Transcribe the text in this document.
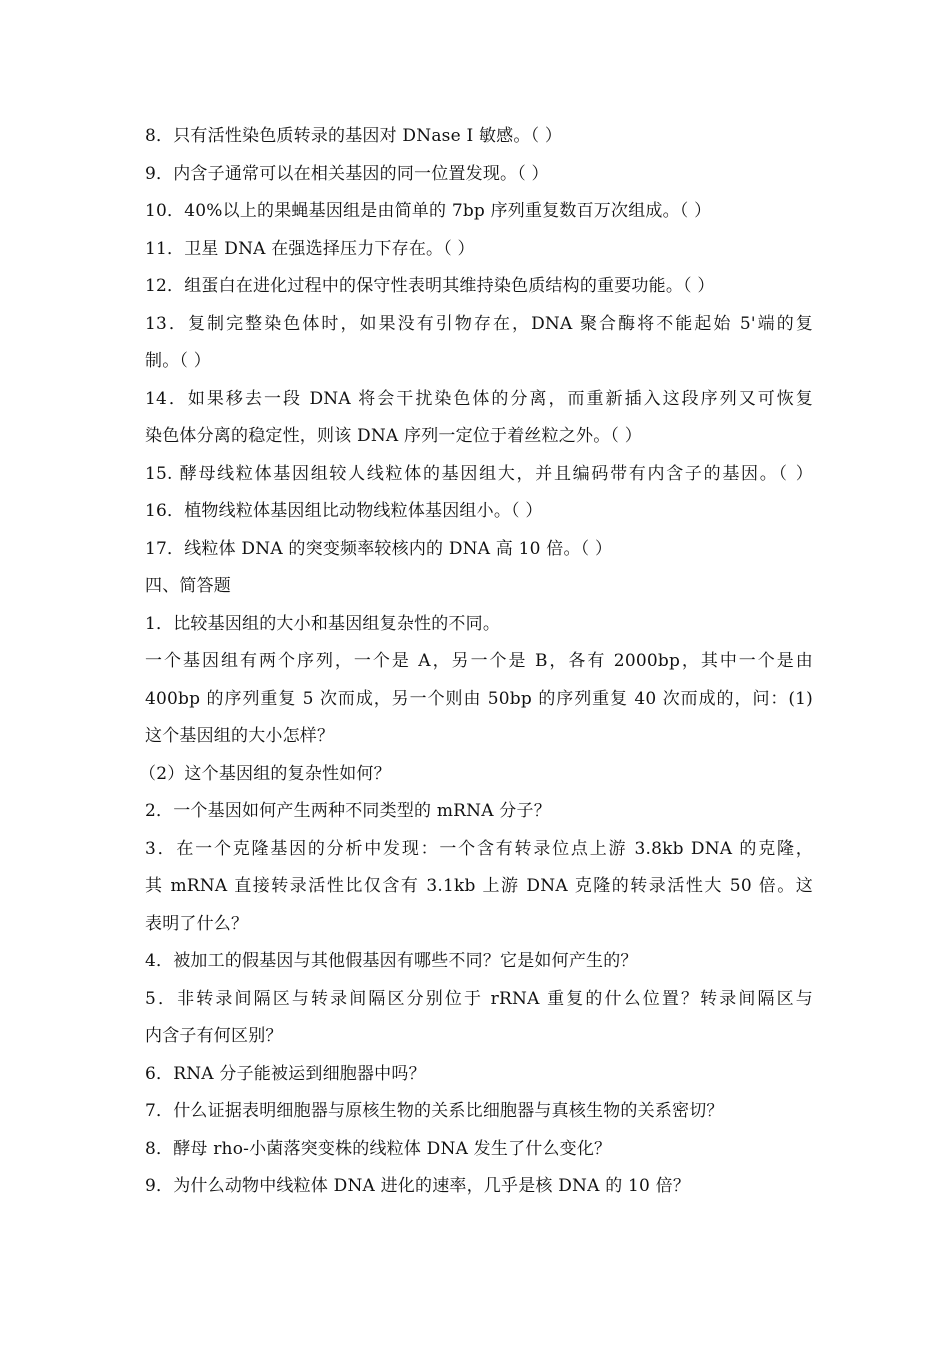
8．只有活性染色质转录的基因对 DNase I 敏感。（ ）
9．内含子通常可以在相关基因的同一位置发现。（ ）
10．40%以上的果蝇基因组是由简单的 7bp 序列重复数百万次组成。（ ）
11．卫星 DNA 在强选择压力下存在。（ ）
12．组蛋白在进化过程中的保守性表明其维持染色质结构的重要功能。（ ）
13．复制完整染色体时，如果没有引物存在，DNA 聚合酶将不能起始 5'端的复
制。（ ）
14．如果移去一段 DNA 将会干扰染色体的分离，而重新插入这段序列又可恢复
染色体分离的稳定性，则该 DNA 序列一定位于着丝粒之外。（ ）
15. 酵母线粒体基因组较人线粒体的基因组大，并且编码带有内含子的基因。（ ）
16．植物线粒体基因组比动物线粒体基因组小。（ ）
17．线粒体 DNA 的突变频率较核内的 DNA 高 10 倍。（ ）
四、简答题
1．比较基因组的大小和基因组复杂性的不同。
一个基因组有两个序列，一个是 A，另一个是 B，各有 2000bp，其中一个是由
400bp 的序列重复 5 次而成，另一个则由 50bp 的序列重复 40 次而成的，问：(1)
这个基因组的大小怎样？
（2）这个基因组的复杂性如何？
2．一个基因如何产生两种不同类型的 mRNA 分子？
3．在一个克隆基因的分析中发现：一个含有转录位点上游 3.8kb DNA 的克隆，
其 mRNA 直接转录活性比仅含有 3.1kb 上游 DNA 克隆的转录活性大 50 倍。这
表明了什么？
4．被加工的假基因与其他假基因有哪些不同？它是如何产生的？
5．非转录间隔区与转录间隔区分别位于 rRNA 重复的什么位置？转录间隔区与
内含子有何区别？
6．RNA 分子能被运到细胞器中吗？
7．什么证据表明细胞器与原核生物的关系比细胞器与真核生物的关系密切？
8．酵母 rho-小菌落突变株的线粒体 DNA 发生了什么变化？
9．为什么动物中线粒体 DNA 进化的速率，几乎是核 DNA 的 10 倍？
